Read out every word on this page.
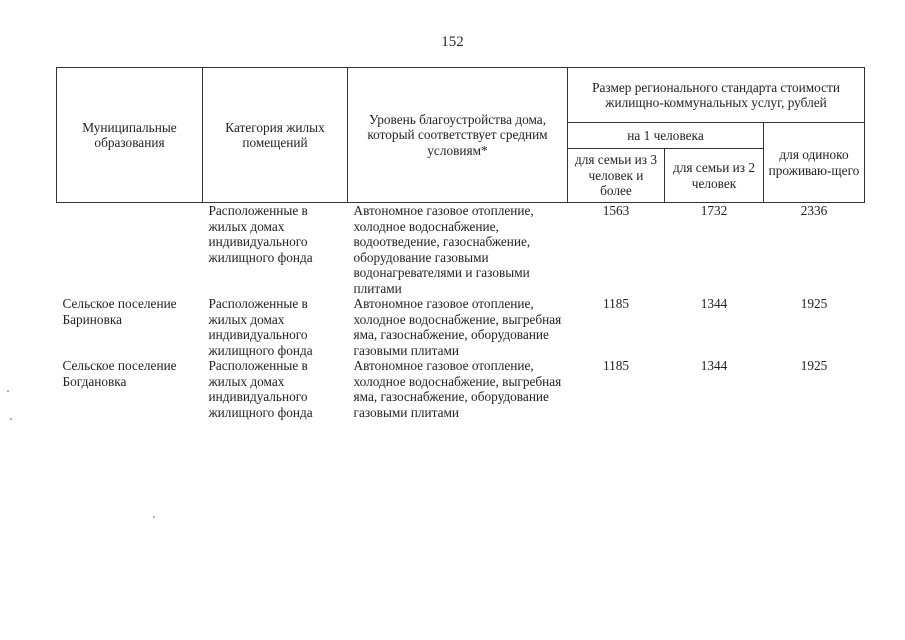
152
Муниципальные образования	Категория жилых помещений	Уровень благоустройства дома, который соответствует средним условиям*	Размер регионального стандарта стоимости жилищно-коммунальных услуг, рублей		
			на 1 человека		для одиноко проживаю-щего
			для семьи из 3 человек и более	для семьи из 2 человек	
	Расположенные в жилых домах индивидуального жилищного фонда	Автономное газовое отопление, холодное водоснабжение, водоотведение, газоснабжение, оборудование газовыми водонагревателями и газовыми плитами	1563	1732	2336
Сельское поселение Бариновка	Расположенные в жилых домах индивидуального жилищного фонда	Автономное газовое отопление, холодное водоснабжение, выгребная яма, газоснабжение, оборудование газовыми плитами	1185	1344	1925
Сельское поселение Богдановка	Расположенные в жилых домах индивидуального жилищного фонда	Автономное газовое отопление, холодное водоснабжение, выгребная яма, газоснабжение, оборудование газовыми плитами	1185	1344	1925
